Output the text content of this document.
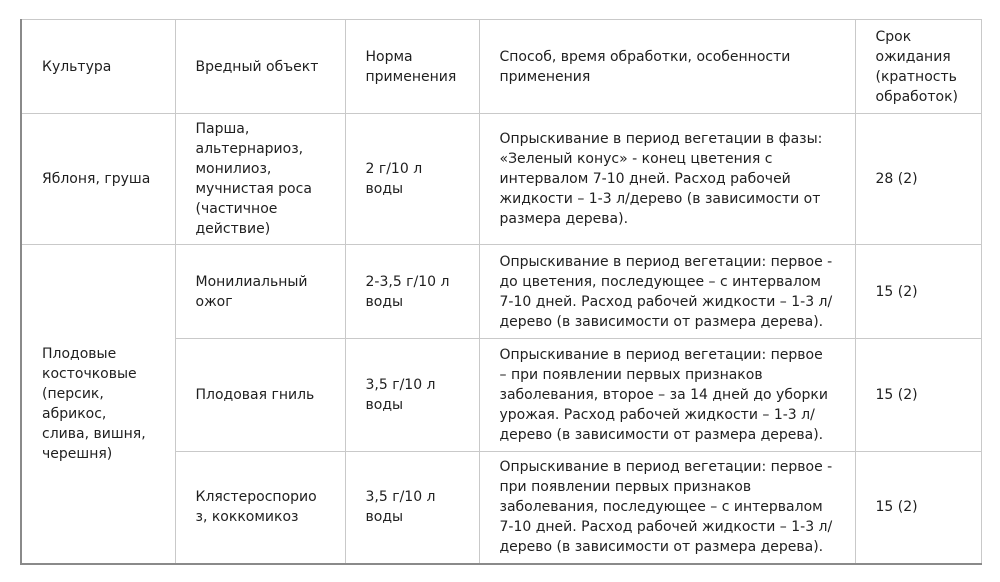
Культура	Вредный объект	Норма применения	Способ, время обработки, особенности применения	Срок ожидания (кратность обработок)
Яблоня, груша	Парша, альтернариоз, монилиоз, мучнистая роса (частичное действие)	2 г/10 л воды	Опрыскивание в период вегетации в фазы: «Зеленый конус» - конец цветения с интервалом 7-10 дней. Расход рабочей жидкости – 1-3 л/дерево (в зависимости от размера дерева).	28 (2)
Плодовые косточковые (персик, абрикос, слива, вишня, черешня)	Монилиальный ожог	2-3,5 г/10 л воды	Опрыскивание в период вегетации: первое - до цветения, последующее – с интервалом 7-10 дней. Расход рабочей жидкости – 1-3 л/ дерево (в зависимости от размера дерева).	15 (2)
	Плодовая гниль	3,5 г/10 л воды	Опрыскивание в период вегетации: первое – при появлении первых признаков заболевания, второе – за 14 дней до уборки урожая. Расход рабочей жидкости – 1-3 л/ дерево (в зависимости от размера дерева).	15 (2)
	Клястероспориоз, коккомикоз	3,5 г/10 л воды	Опрыскивание в период вегетации: первое - при появлении первых признаков заболевания, последующее – с интервалом 7-10 дней. Расход рабочей жидкости – 1-3 л/ дерево (в зависимости от размера дерева).	15 (2)
